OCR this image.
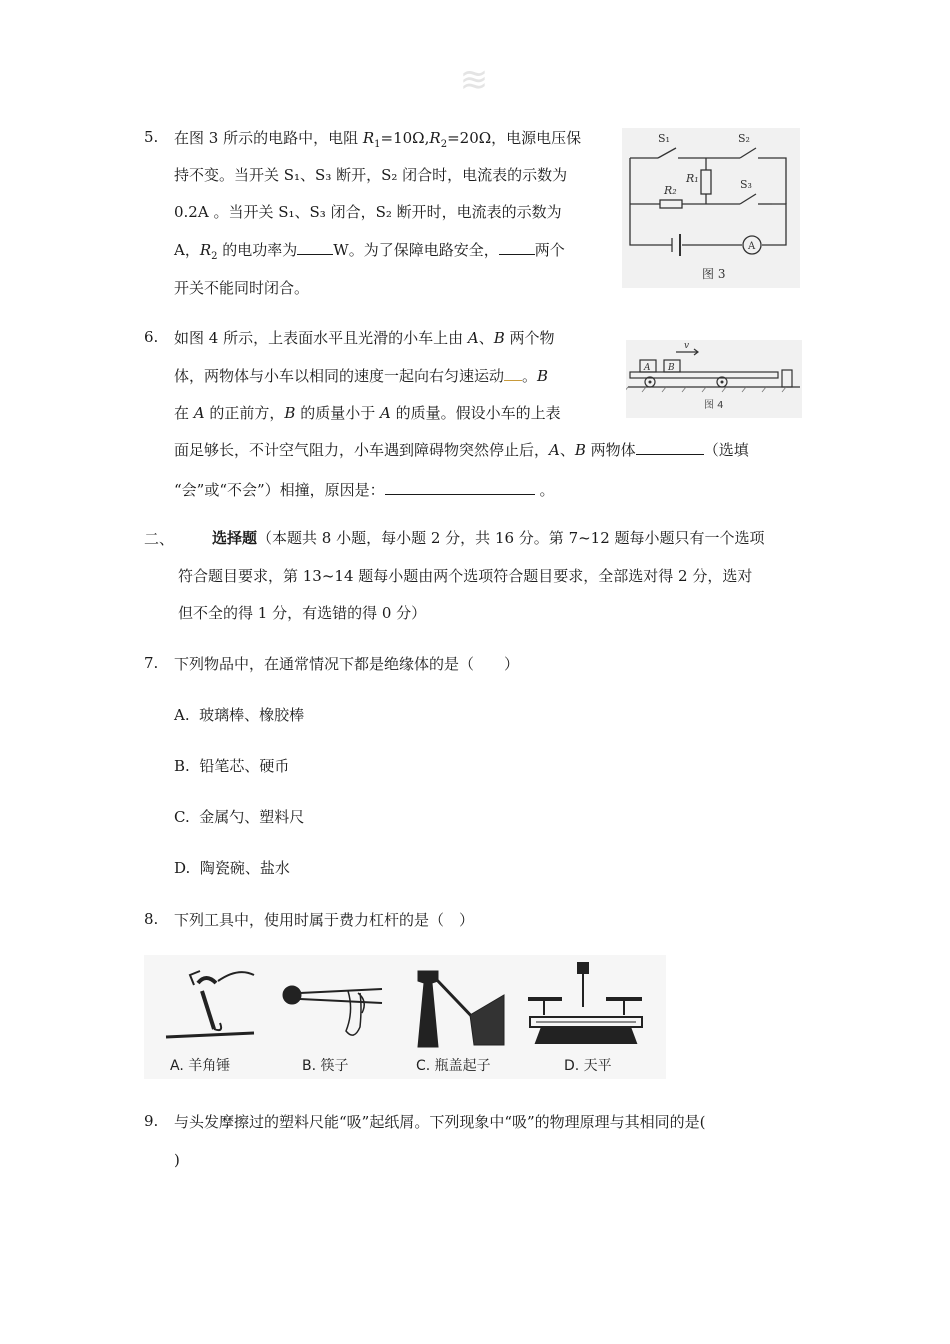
≋
5. 在图 3 所示的电路中，电阻 $R_1=10\Omega,R_2=20\Omega$，电源电压保
持不变。当开关 S₁、S₃ 断开，S₂ 闭合时，电流表的示数为
0.2A 。当开关 S₁、S₃ 闭合，S₂ 断开时，电流表的示数为
A，$R_2$ 的电功率为 W。为了保障电路安全， 两个
开关不能同时闭合。
S₁	S₂
S₃
R₁
R₂
A
图 3
6. 如图 4 所示，上表面水平且光滑的小车上由 A、B 两个物
体，两物体与小车以相同的速度一起向右匀速运动 。B
在 A 的正前方，B 的质量小于 A 的质量。假设小车的上表
面足够长，不计空气阻力，小车遇到障碍物突然停止后，A、B 两物体	（选填
“会”或“不会”）相撞，原因是：	。
A B
v
图 4
二、	选择题（本题共 8 小题，每小题 2 分，共 16 分。第 7~12 题每小题只有一个选项
符合题目要求，第 13~14 题每小题由两个选项符合题目要求，全部选对得 2 分，选对
但不全的得 1 分，有选错的得 0 分）
7. 下列物品中，在通常情况下都是绝缘体的是（　　）
A. 玻璃棒、橡胶棒
B. 铅笔芯、硬币
C. 金属勺、塑料尺
D. 陶瓷碗、盐水
8. 下列工具中，使用时属于费力杠杆的是（　）
A. 羊角锤	B. 筷子	C. 瓶盖起子	D. 天平
9. 与头发摩擦过的塑料尺能“吸”起纸屑。下列现象中“吸”的物理原理与其相同的是(
)
